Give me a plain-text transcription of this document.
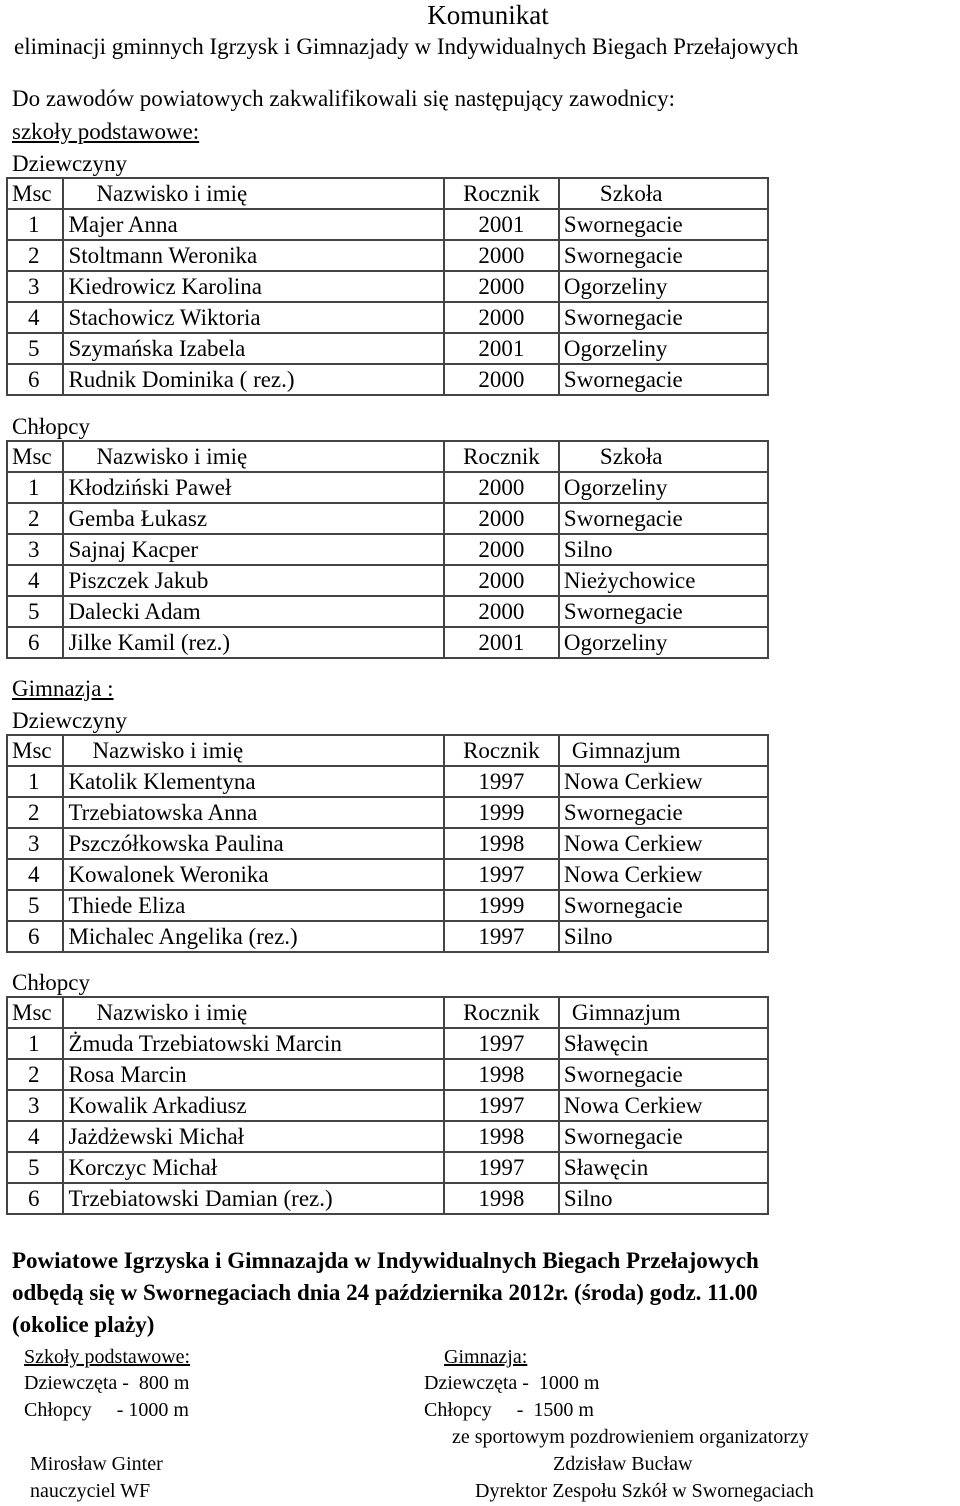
Komunikat
eliminacji gminnych Igrzysk i Gimnazjady w Indywidualnych Biegach Przełajowych
Do zawodów powiatowych zakwalifikowali się następujący zawodnicy:
szkoły podstawowe:
Dziewczyny
Msc	Nazwisko i imię	Rocznik	Szkoła
1	Majer Anna	2001	Swornegacie
2	Stoltmann Weronika	2000	Swornegacie
3	Kiedrowicz Karolina	2000	Ogorzeliny
4	Stachowicz Wiktoria	2000	Swornegacie
5	Szymańska Izabela	2001	Ogorzeliny
6	Rudnik Dominika ( rez.)	2000	Swornegacie
Chłopcy
Msc	Nazwisko i imię	Rocznik	Szkoła
1	Kłodziński Paweł	2000	Ogorzeliny
2	Gemba Łukasz	2000	Swornegacie
3	Sajnaj Kacper	2000	Silno
4	Piszczek Jakub	2000	Nieżychowice
5	Dalecki Adam	2000	Swornegacie
6	Jilke Kamil (rez.)	2001	Ogorzeliny
Gimnazja :
Dziewczyny
Msc	Nazwisko i imię	Rocznik	Gimnazjum
1	Katolik Klementyna	1997	Nowa Cerkiew
2	Trzebiatowska Anna	1999	Swornegacie
3	Pszczółkowska Paulina	1998	Nowa Cerkiew
4	Kowalonek Weronika	1997	Nowa Cerkiew
5	Thiede Eliza	1999	Swornegacie
6	Michalec Angelika (rez.)	1997	Silno
Chłopcy
Msc	Nazwisko i imię	Rocznik	Gimnazjum
1	Żmuda Trzebiatowski Marcin	1997	Sławęcin
2	Rosa Marcin	1998	Swornegacie
3	Kowalik Arkadiusz	1997	Nowa Cerkiew
4	Jażdżewski Michał	1998	Swornegacie
5	Korczyc Michał	1997	Sławęcin
6	Trzebiatowski Damian (rez.)	1998	Silno
Powiatowe Igrzyska i Gimnazajda w Indywidualnych Biegach Przełajowych
odbędą się w Swornegaciach dnia 24 października 2012r. (środa) godz. 11.00
(okolice plaży)
Szkoły podstawowe:	Gimnazja:
Dziewczęta -  800 m	Dziewczęta -  1000 m
Chłopcy     - 1000 m	Chłopcy     -  1500 m
ze sportowym pozdrowieniem organizatorzy
Mirosław Ginter	Zdzisław Bucław
nauczyciel WF	Dyrektor Zespołu Szkół w Swornegaciach
